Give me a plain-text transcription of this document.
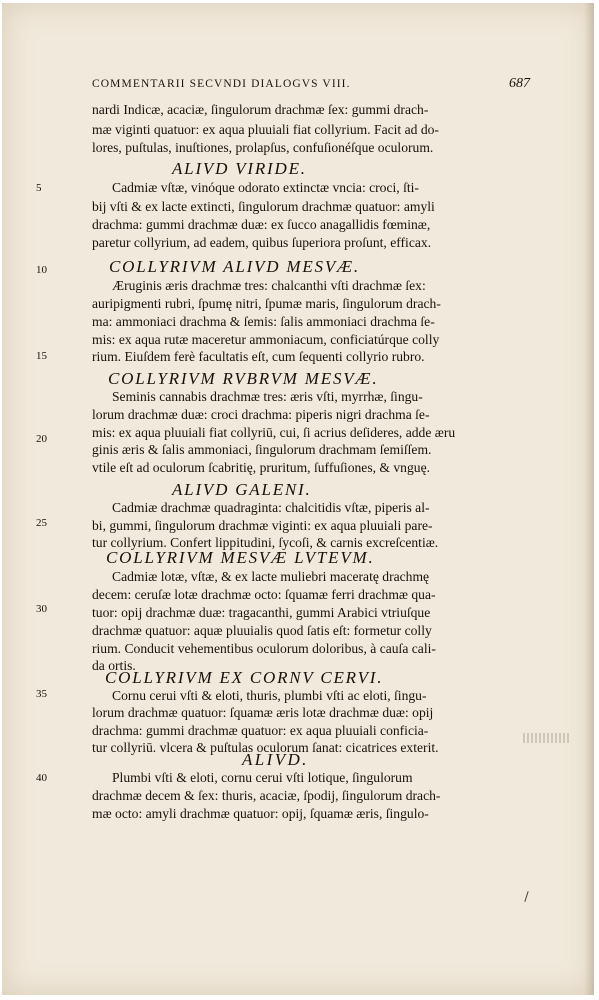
COMMENTARII SECVNDI DIALOGVS VIII.	687
5
10
15
20
25
30
35
40
nardi Indicæ, acaciæ, ſingulorum drachmæ ſex: gummi drach-
mæ viginti quatuor: ex aqua pluuiali fiat collyrium. Facit ad do-
lores, puſtulas, inuſtiones, prolapſus, confuſionéſque oculorum.
ALIVD VIRIDE.
Cadmiæ vſtæ, vinóque odorato extinctæ vncia: croci, ſti-
bij vſti & ex lacte extincti, ſingulorum drachmæ quatuor: amyli
drachma: gummi drachmæ duæ: ex ſucco anagallidis fœminæ,
paretur collyrium, ad eadem, quibus ſuperiora proſunt, efficax.
COLLYRIVM ALIVD MESVÆ.
Æruginis æris drachmæ tres: chalcanthi vſti drachmæ ſex:
auripigmenti rubri, ſpumę nitri, ſpumæ maris, ſingulorum drach-
ma: ammoniaci drachma & ſemis: ſalis ammoniaci drachma ſe-
mis: ex aqua rutæ maceretur ammoniacum, conficiatúrque colly
rium. Eiuſdem ferè facultatis eſt, cum ſequenti collyrio rubro.
COLLYRIVM RVBRVM MESVÆ.
Seminis cannabis drachmæ tres: æris vſti, myrrhæ, ſingu-
lorum drachmæ duæ: croci drachma: piperis nigri drachma ſe-
mis: ex aqua pluuiali fiat collyriū, cui, ſi acrius deſideres, adde æru
ginis æris & ſalis ammoniaci, ſingulorum drachmam ſemiſſem.
vtile eſt ad oculorum ſcabritię, pruritum, ſuffuſiones, & vnguę.
ALIVD GALENI.
Cadmiæ drachmæ quadraginta: chalcitidis vſtæ, piperis al-
bi, gummi, ſingulorum drachmæ viginti: ex aqua pluuiali pare-
tur collyrium. Confert lippitudini, ſycoſi, & carnis excreſcentiæ.
COLLYRIVM MESVÆ LVTEVM.
Cadmiæ lotæ, vſtæ, & ex lacte muliebri maceratę drachmę
decem: ceruſæ lotæ drachmæ octo: ſquamæ ferri drachmæ qua-
tuor: opij drachmæ duæ: tragacanthi, gummi Arabici vtriuſque
drachmæ quatuor: aquæ pluuialis quod ſatis eſt: formetur colly
rium. Conducit vehementibus oculorum doloribus, à cauſa cali-
da ortis.
COLLYRIVM EX CORNV CERVI.
Cornu cerui vſti & eloti, thuris, plumbi vſti ac eloti, ſingu-
lorum drachmæ quatuor: ſquamæ æris lotæ drachmæ duæ: opij
drachma: gummi drachmæ quatuor: ex aqua pluuiali conficia-
tur collyriū. vlcera & puſtulas oculorum ſanat: cicatrices exterit.
ALIVD.
Plumbi vſti & eloti, cornu cerui vſti lotique, ſingulorum
drachmæ decem & ſex: thuris, acaciæ, ſpodij, ſingulorum drach-
mæ octo: amyli drachmæ quatuor: opij, ſquamæ æris, ſingulo-
